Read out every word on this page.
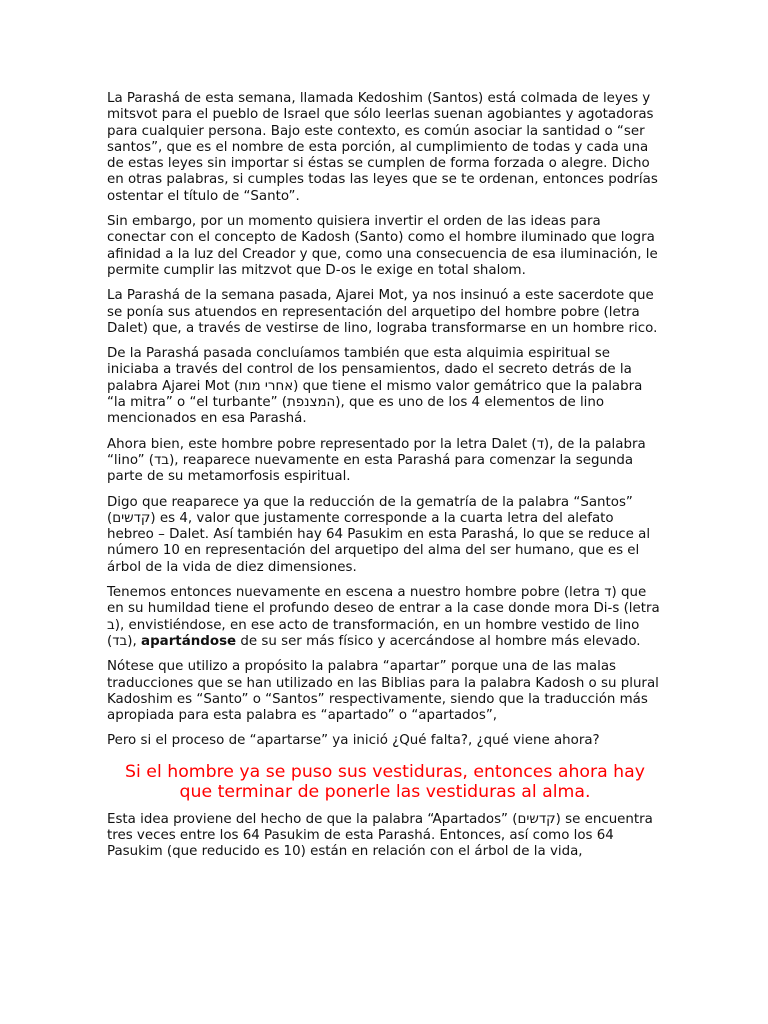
La Parashá de esta semana, llamada Kedoshim (Santos) está colmada de leyes y mitsvot para el pueblo de Israel que sólo leerlas suenan agobiantes y agotadoras para cualquier persona. Bajo este contexto, es común asociar la santidad o “ser santos”, que es el nombre de esta porción, al cumplimiento de todas y cada una de estas leyes sin importar si éstas se cumplen de forma forzada o alegre. Dicho en otras palabras, si cumples todas las leyes que se te ordenan, entonces podrías ostentar el título de “Santo”.

Sin embargo, por un momento quisiera invertir el orden de las ideas para conectar con el concepto de Kadosh (Santo) como el hombre iluminado que logra afinidad a la luz del Creador y que, como una consecuencia de esa iluminación, le permite cumplir las mitzvot que D-os le exige en total shalom.

La Parashá de la semana pasada, Ajarei Mot, ya nos insinuó a este sacerdote que se ponía sus atuendos en representación del arquetipo del hombre pobre (letra Dalet) que, a través de vestirse de lino, lograba transformarse en un hombre rico.

De la Parashá pasada concluíamos también que esta alquimia espiritual se iniciaba a través del control de los pensamientos, dado el secreto detrás de la palabra Ajarei Mot (אחרי מות) que tiene el mismo valor gemátrico que la palabra “la mitra” o “el turbante” (המצנפת), que es uno de los 4 elementos de lino mencionados en esa Parashá.

Ahora bien, este hombre pobre representado por la letra Dalet (ד), de la palabra “lino” (בד), reaparece nuevamente en esta Parashá para comenzar la segunda parte de su metamorfosis espiritual.

Digo que reaparece ya que la reducción de la gematría de la palabra “Santos” (קדשים) es 4, valor que justamente corresponde a la cuarta letra del alefato hebreo – Dalet. Así también hay 64 Pasukim en esta Parashá, lo que se reduce al número 10 en representación del arquetipo del alma del ser humano, que es el árbol de la vida de diez dimensiones.

Tenemos entonces nuevamente en escena a nuestro hombre pobre (letra ד) que en su humildad tiene el profundo deseo de entrar a la case donde mora Di-s (letra ב), envistiéndose, en ese acto de transformación, en un hombre vestido de lino (בד), apartándose de su ser más físico y acercándose al hombre más elevado.

Nótese que utilizo a propósito la palabra “apartar” porque una de las malas traducciones que se han utilizado en las Biblias para la palabra Kadosh o su plural Kadoshim es “Santo” o “Santos” respectivamente, siendo que la traducción más apropiada para esta palabra es “apartado” o “apartados”,

Pero si el proceso de “apartarse” ya inició ¿Qué falta?, ¿qué viene ahora?

Si el hombre ya se puso sus vestiduras, entonces ahora hay que terminar de ponerle las vestiduras al alma.

Esta idea proviene del hecho de que la palabra “Apartados” (קדשים) se encuentra tres veces entre los 64 Pasukim de esta Parashá. Entonces, así como los 64 Pasukim (que reducido es 10) están en relación con el árbol de la vida,
